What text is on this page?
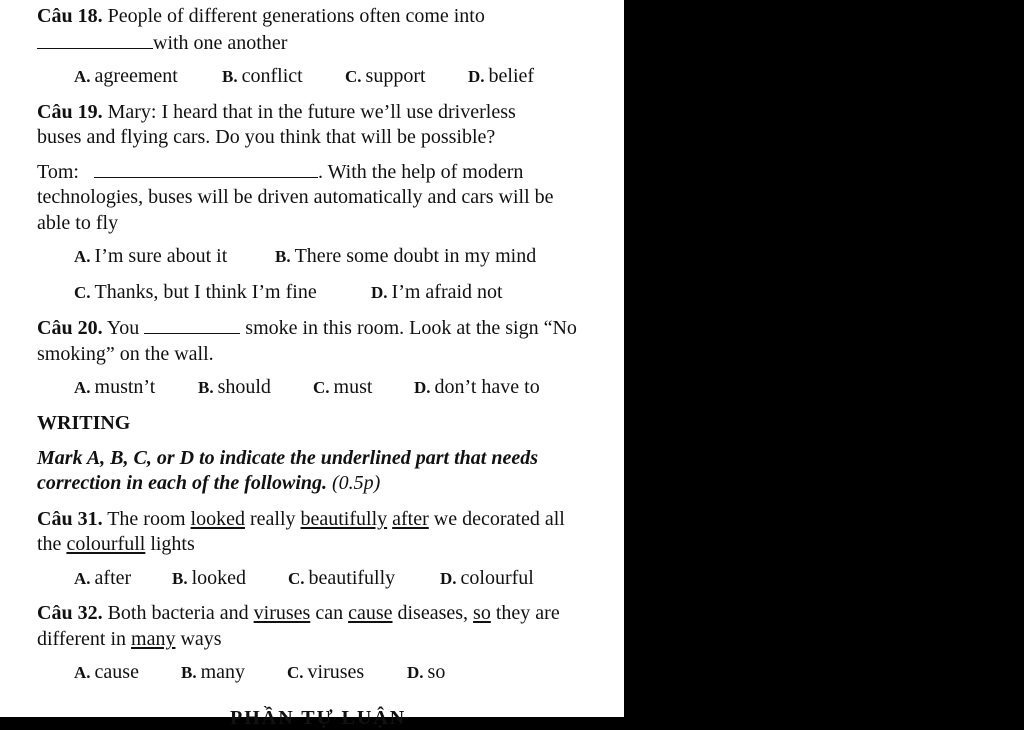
Câu 18. People of different generations often come intowith one another

A. agreement	B. conflict	C. support	D. belief

Câu 19. Mary: I heard that in the future we’ll use driverless buses and flying cars. Do you think that will be possible?

Tom:	. With the help of modern technologies, buses will be driven automatically and cars will be able to fly

A. I’m sure about it	B. There some doubt in my mind
C. Thanks, but I think I’m fine	D. I’m afraid not

Câu 20. You	smoke in this room. Look at the sign “No smoking” on the wall.

A. mustn’t	B. should	C. must	D. don’t have to
WRITING

Mark A, B, C, or D to indicate the underlined part that needs correction in each of the following. (0.5p)

Câu 31. The room looked really beautifully after we decorated all the colourfull lights

A. after	B. looked	C. beautifully	D. colourful

Câu 32. Both bacteria and viruses can cause diseases, so they are different in many ways

A. cause	B. many	C. viruses	D. so
PHẦN TỰ LUẬN
